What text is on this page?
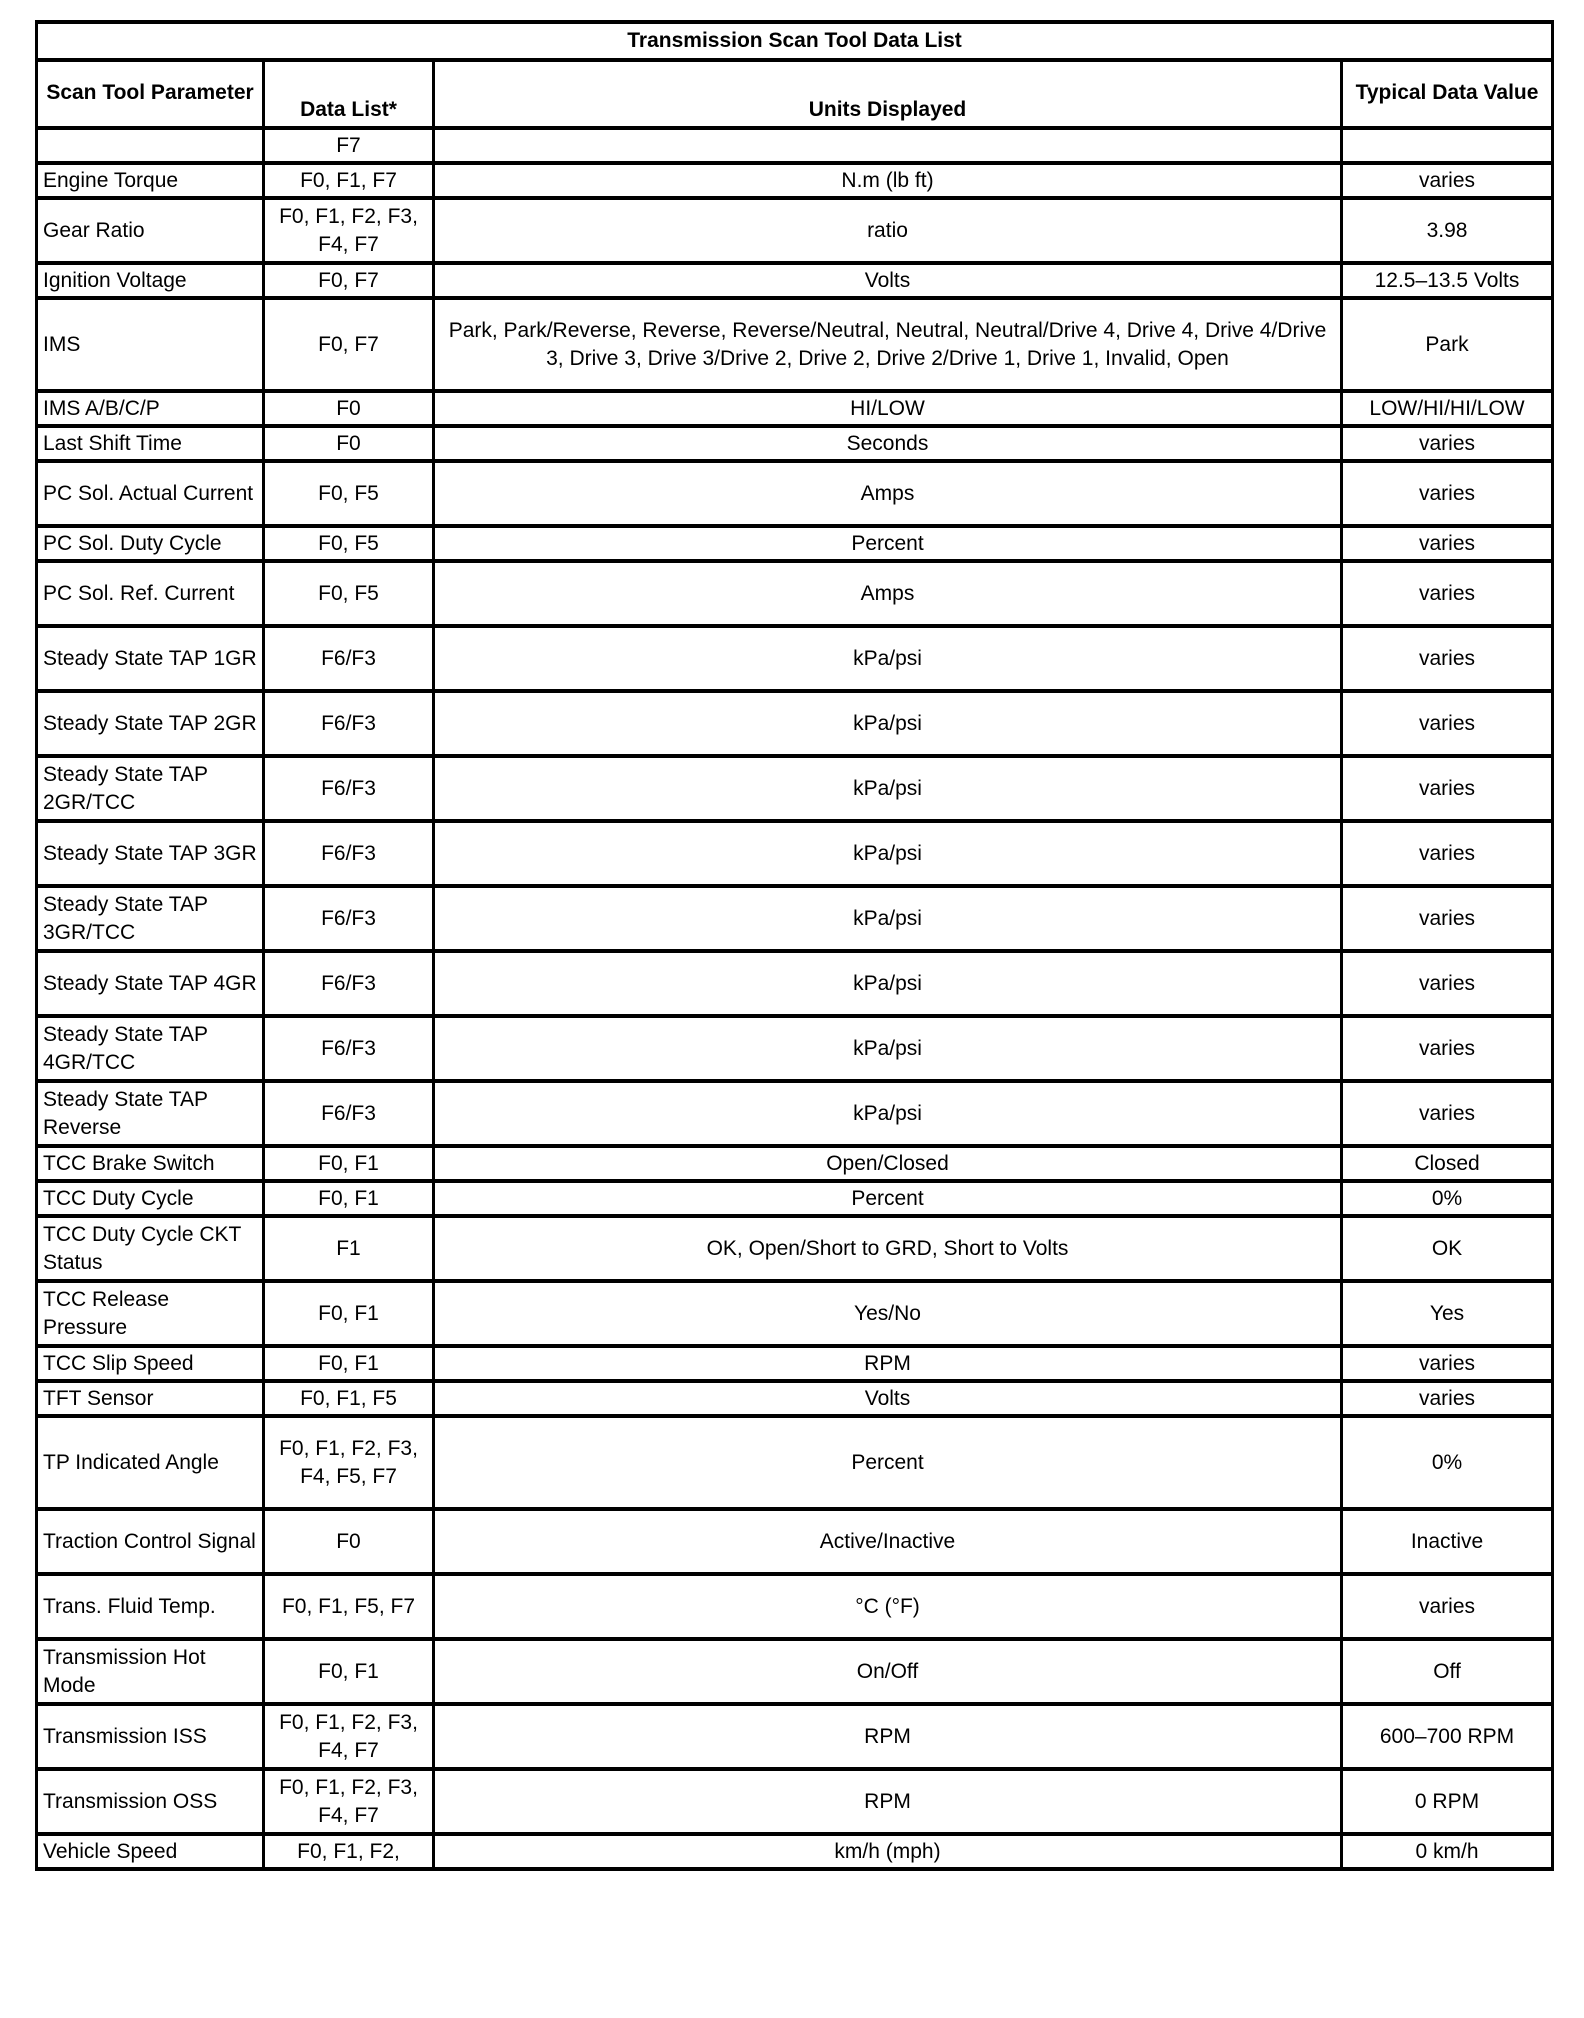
Transmission Scan Tool Data List			
Scan Tool Parameter	Data List*	Units Displayed	Typical Data Value
	F7		
Engine Torque	F0, F1, F7	N.m (lb ft)	varies
Gear Ratio	F0, F1, F2, F3, F4, F7	ratio	3.98
Ignition Voltage	F0, F7	Volts	12.5–13.5 Volts
IMS	F0, F7	Park, Park/Reverse, Reverse, Reverse/Neutral, Neutral, Neutral/Drive 4, Drive 4, Drive 4/Drive 3, Drive 3, Drive 3/Drive 2, Drive 2, Drive 2/Drive 1, Drive 1, Invalid, Open	Park
IMS A/B/C/P	F0	HI/LOW	LOW/HI/HI/LOW
Last Shift Time	F0	Seconds	varies
PC Sol. Actual Current	F0, F5	Amps	varies
PC Sol. Duty Cycle	F0, F5	Percent	varies
PC Sol. Ref. Current	F0, F5	Amps	varies
Steady State TAP 1GR	F6/F3	kPa/psi	varies
Steady State TAP 2GR	F6/F3	kPa/psi	varies
Steady State TAP 2GR/TCC	F6/F3	kPa/psi	varies
Steady State TAP 3GR	F6/F3	kPa/psi	varies
Steady State TAP 3GR/TCC	F6/F3	kPa/psi	varies
Steady State TAP 4GR	F6/F3	kPa/psi	varies
Steady State TAP 4GR/TCC	F6/F3	kPa/psi	varies
Steady State TAP Reverse	F6/F3	kPa/psi	varies
TCC Brake Switch	F0, F1	Open/Closed	Closed
TCC Duty Cycle	F0, F1	Percent	0%
TCC Duty Cycle CKT Status	F1	OK, Open/Short to GRD, Short to Volts	OK
TCC Release Pressure	F0, F1	Yes/No	Yes
TCC Slip Speed	F0, F1	RPM	varies
TFT Sensor	F0, F1, F5	Volts	varies
TP Indicated Angle	F0, F1, F2, F3, F4, F5, F7	Percent	0%
Traction Control Signal	F0	Active/Inactive	Inactive
Trans. Fluid Temp.	F0, F1, F5, F7	°C (°F)	varies
Transmission Hot Mode	F0, F1	On/Off	Off
Transmission ISS	F0, F1, F2, F3, F4, F7	RPM	600–700 RPM
Transmission OSS	F0, F1, F2, F3, F4, F7	RPM	0 RPM
Vehicle Speed	F0, F1, F2,	km/h (mph)	0 km/h
